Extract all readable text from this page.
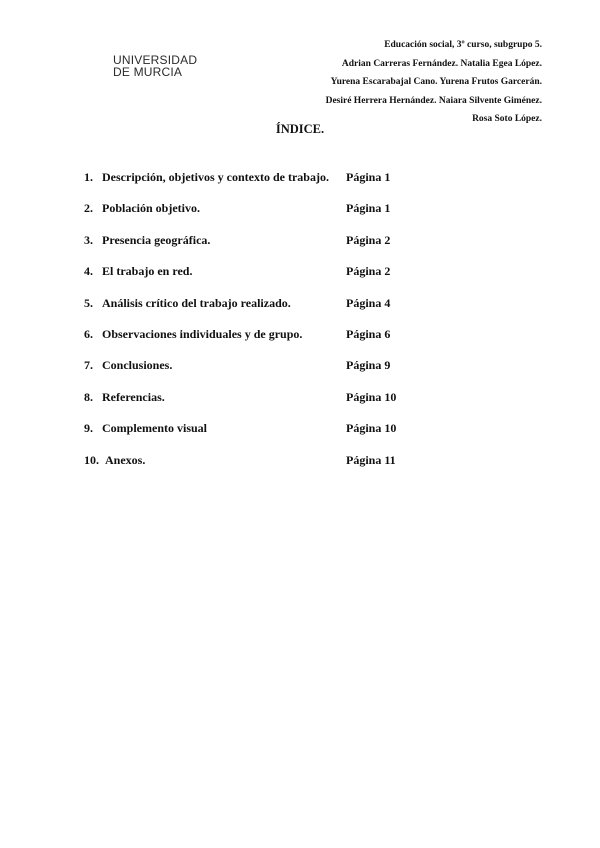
UNIVERSIDAD
DE MURCIA
Educación social, 3º curso, subgrupo 5.
Adrian Carreras Fernández. Natalia Egea López.
Yurena Escarabajal Cano. Yurena Frutos Garcerán.
Desiré Herrera Hernández. Naiara Silvente Giménez.
Rosa Soto López.
ÍNDICE.
1. Descripción, objetivos y contexto de trabajo. Página 1
2. Población objetivo.	Página 1
3. Presencia geográfica.	Página 2
4. El trabajo en red.	Página 2
5. Análisis crítico del trabajo realizado.	Página 4
6. Observaciones individuales y de grupo.	Página 6
7. Conclusiones.	Página 9
8. Referencias.	Página 10
9. Complemento visual	Página 10
10. Anexos.	Página 11
